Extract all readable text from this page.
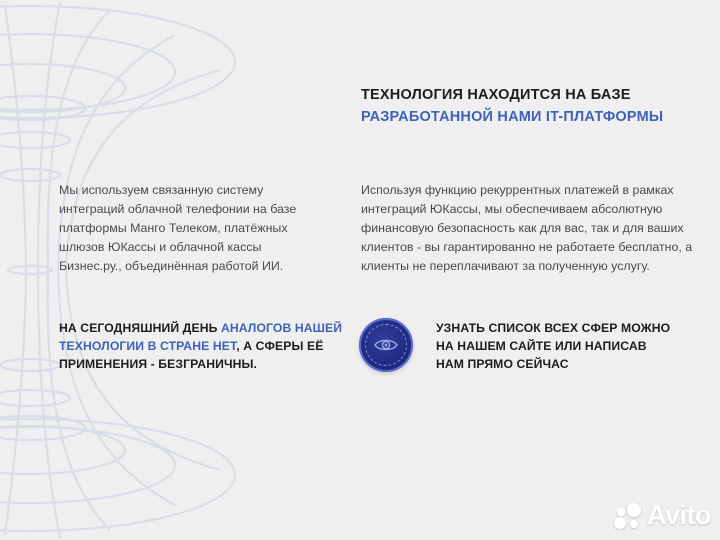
ТЕХНОЛОГИЯ НАХОДИТСЯ НА БАЗЕ
РАЗРАБОТАННОЙ НАМИ IT-ПЛАТФОРМЫ

Мы используем связанную систему интеграций облачной телефонии на базе платформы Манго Телеком, платёжных шлюзов ЮКассы и облачной кассы Бизнес.ру., объединённая работой ИИ.

Используя функцию рекуррентных платежей в рамках интеграций ЮКассы, мы обеспечиваем абсолютную финансовую безопасность как для вас, так и для ваших клиентов - вы гарантированно не работаете бесплатно, а клиенты не переплачивают за полученную услугу.

НА СЕГОДНЯШНИЙ ДЕНЬ АНАЛОГОВ НАШЕЙ ТЕХНОЛОГИИ В СТРАНЕ НЕТ, А СФЕРЫ ЕЁ ПРИМЕНЕНИЯ - БЕЗГРАНИЧНЫ.

УЗНАТЬ СПИСОК ВСЕХ СФЕР МОЖНО НА НАШЕМ САЙТЕ ИЛИ НАПИСАВ НАМ ПРЯМО СЕЙЧАС

Avito
